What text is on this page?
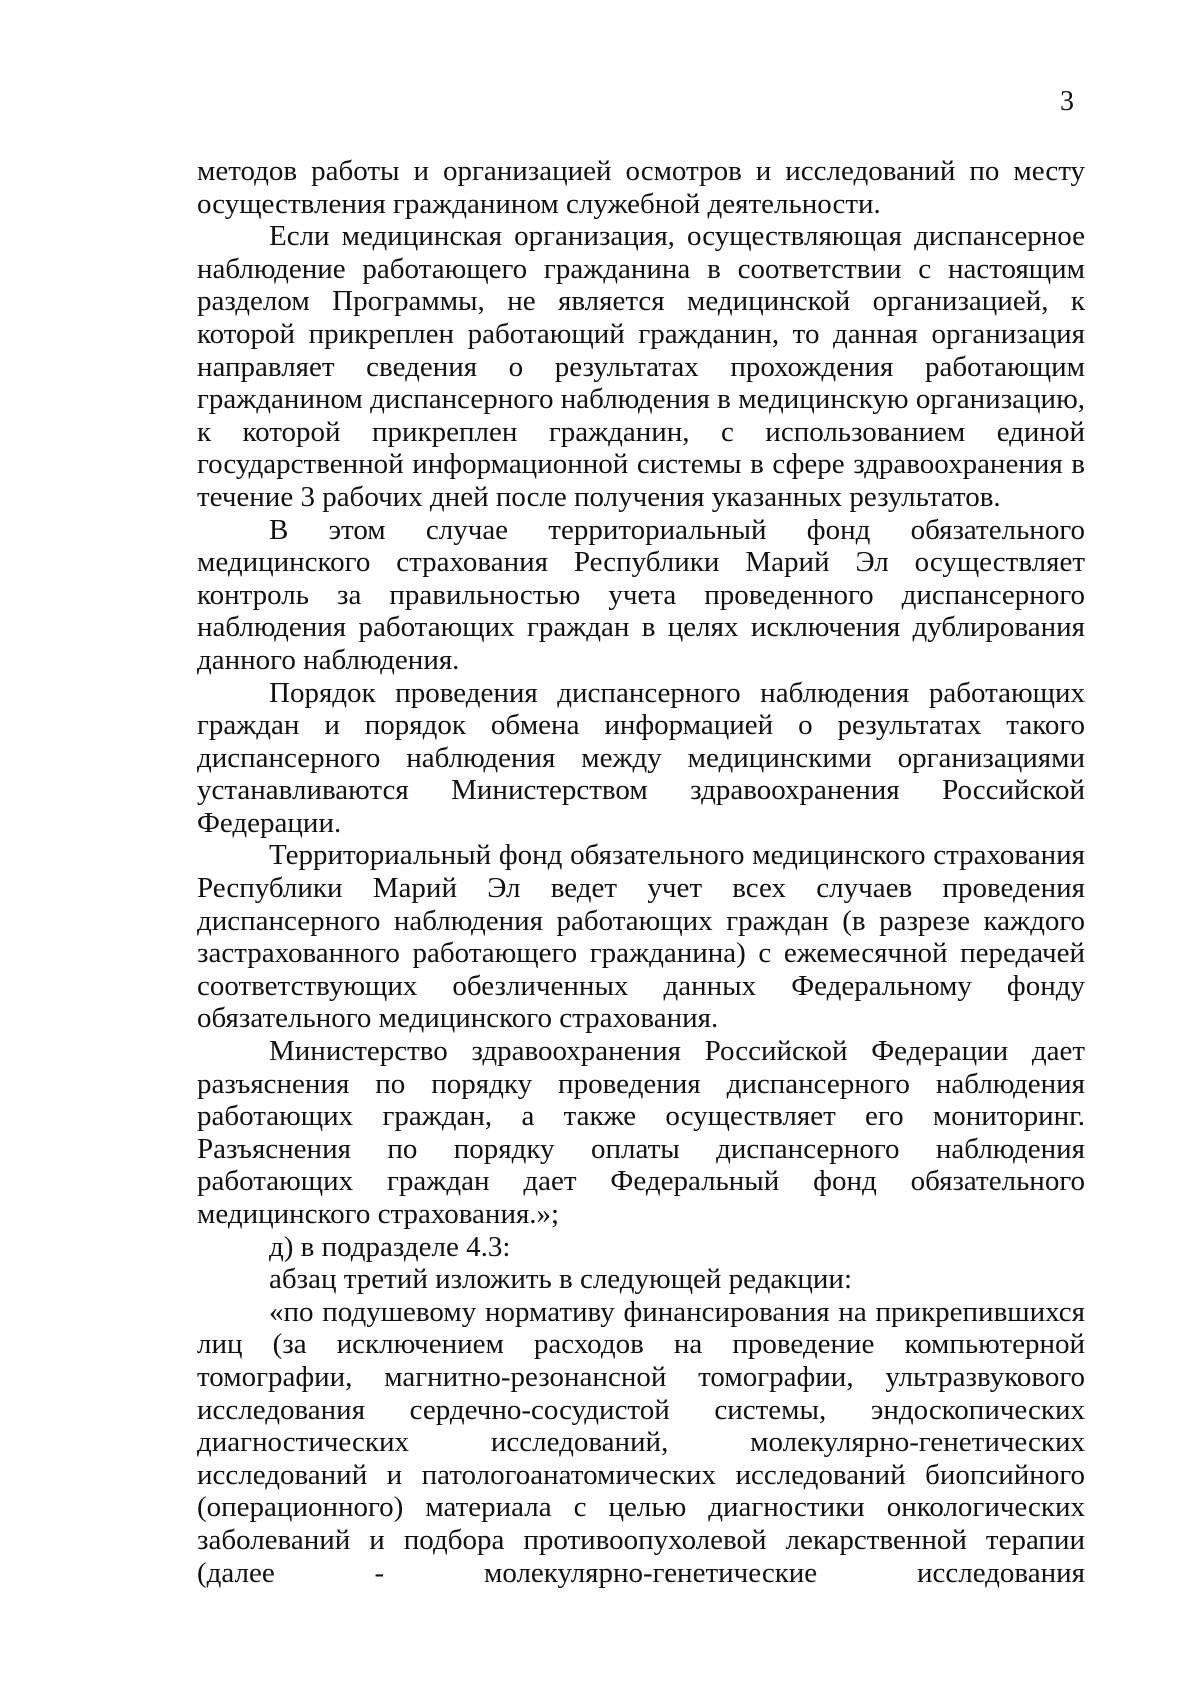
3

методов работы и организацией осмотров и исследований по месту осуществления гражданином служебной деятельности.

Если медицинская организация, осуществляющая диспансерное наблюдение работающего гражданина в соответствии с настоящим разделом Программы, не является медицинской организацией, к которой прикреплен работающий гражданин, то данная организация направляет сведения о результатах прохождения работающим гражданином диспансерного наблюдения в медицинскую организацию, к которой прикреплен гражданин, с использованием единой государственной информационной системы в сфере здравоохранения в течение 3 рабочих дней после получения указанных результатов.

В этом случае территориальный фонд обязательного медицинского страхования Республики Марий Эл осуществляет контроль за правильностью учета проведенного диспансерного наблюдения работающих граждан в целях исключения дублирования данного наблюдения.

Порядок проведения диспансерного наблюдения работающих граждан и порядок обмена информацией о результатах такого диспансерного наблюдения между медицинскими организациями устанавливаются Министерством здравоохранения Российской Федерации.

Территориальный фонд обязательного медицинского страхования Республики Марий Эл ведет учет всех случаев проведения диспансерного наблюдения работающих граждан (в разрезе каждого застрахованного работающего гражданина) с ежемесячной передачей соответствующих обезличенных данных Федеральному фонду обязательного медицинского страхования.

Министерство здравоохранения Российской Федерации дает разъяснения по порядку проведения диспансерного наблюдения работающих граждан, а также осуществляет его мониторинг. Разъяснения по порядку оплаты диспансерного наблюдения работающих граждан дает Федеральный фонд обязательного медицинского страхования.»;

д) в подразделе 4.3:

абзац третий изложить в следующей редакции:

«по подушевому нормативу финансирования на прикрепившихся лиц (за исключением расходов на проведение компьютерной томографии, магнитно-резонансной томографии, ультразвукового исследования сердечно-сосудистой системы, эндоскопических диагностических исследований, молекулярно-генетических исследований и патологоанатомических исследований биопсийного (операционного) материала с целью диагностики онкологических заболеваний и подбора противоопухолевой лекарственной терапии (далее - молекулярно-генетические исследования
